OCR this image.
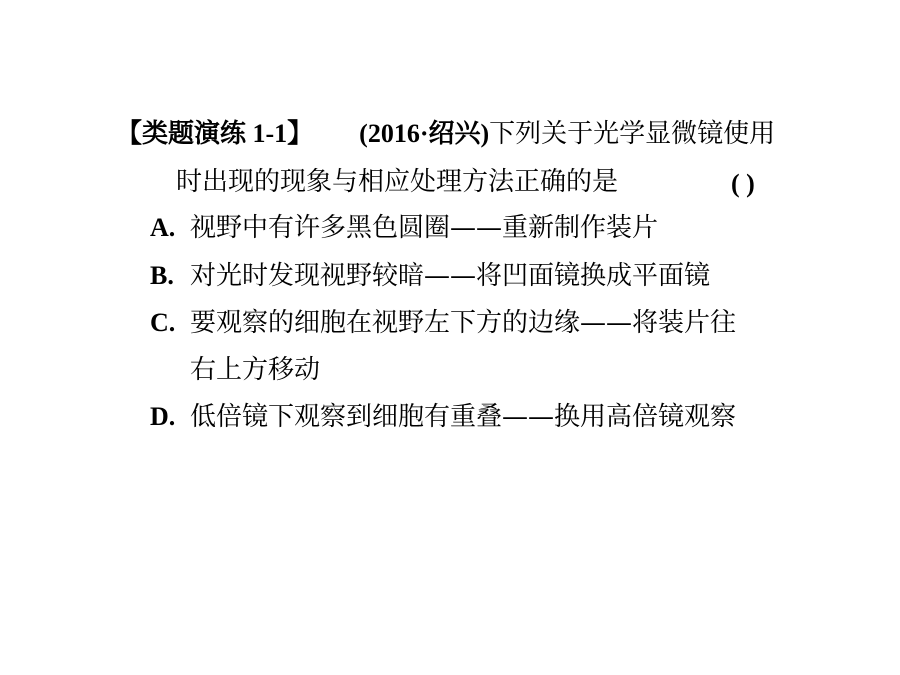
【类题演练 1-1】 (2016·绍兴)下列关于光学显微镜使用
时出现的现象与相应处理方法正确的是	( )
A. 视野中有许多黑色圆圈——重新制作装片
B. 对光时发现视野较暗——将凹面镜换成平面镜
C. 要观察的细胞在视野左下方的边缘——将装片往
右上方移动
D. 低倍镜下观察到细胞有重叠——换用高倍镜观察
